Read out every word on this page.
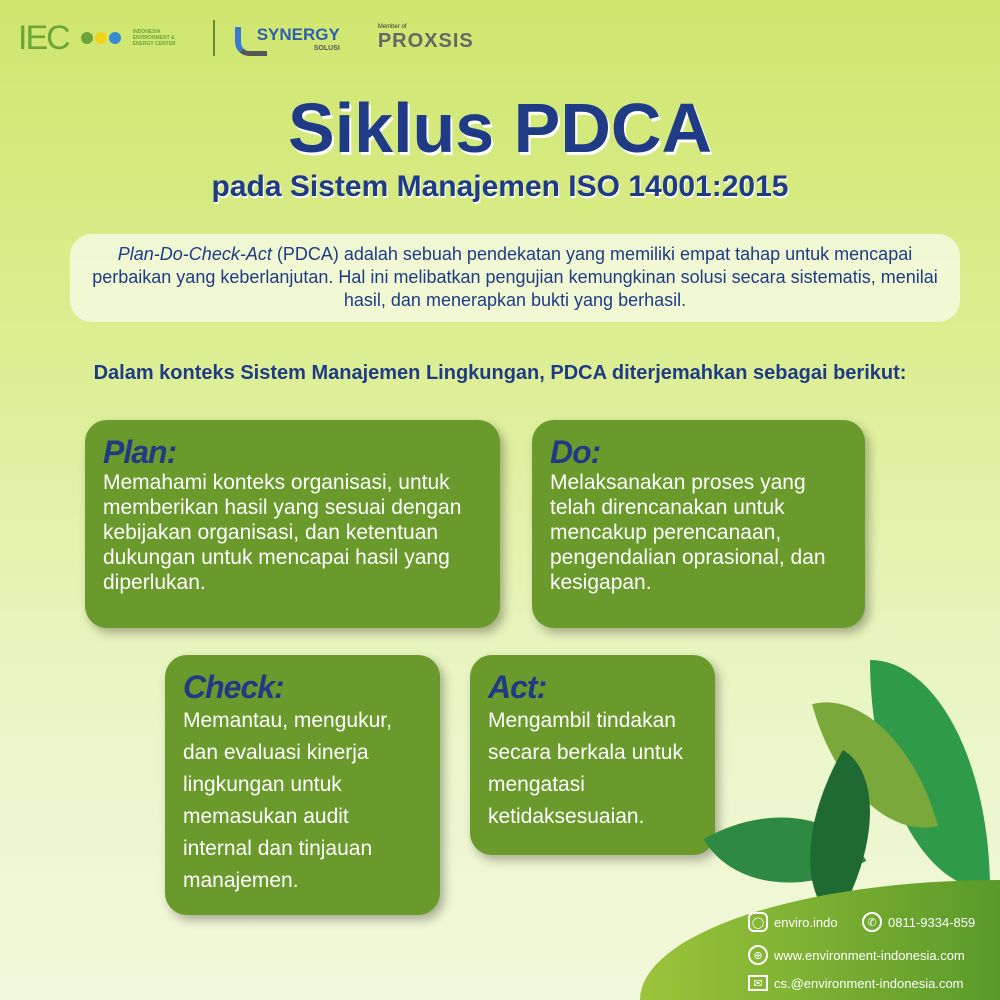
IEC	INDONESIA ENVIRONMENT & ENERGY CENTER
SYNERGY
SOLUSI
Member of
PROXSIS
Siklus PDCA
pada Sistem Manajemen ISO 14001:2015
Plan-Do-Check-Act (PDCA) adalah sebuah pendekatan yang memiliki empat tahap untuk mencapai perbaikan yang keberlanjutan. Hal ini melibatkan pengujian kemungkinan solusi secara sistematis, menilai hasil, dan menerapkan bukti yang berhasil.
Dalam konteks Sistem Manajemen Lingkungan, PDCA diterjemahkan sebagai berikut:
Plan:

Memahami konteks organisasi, untuk memberikan hasil yang sesuai dengan kebijakan organisasi, dan ketentuan dukungan untuk mencapai hasil yang diperlukan.

Do:

Melaksanakan proses yang telah direncanakan untuk mencakup perencanaan, pengendalian oprasional, dan kesigapan.

Check:

Memantau, mengukur, dan evaluasi kinerja lingkungan untuk memasukan audit internal dan tinjauan manajemen.

Act:

Mengambil tindakan secara berkala untuk mengatasi ketidaksesuaian.

◯ enviro.indo	✆ 0811-9334-859
⊕ www.environment-indonesia.com
✉ cs.@environment-indonesia.com
